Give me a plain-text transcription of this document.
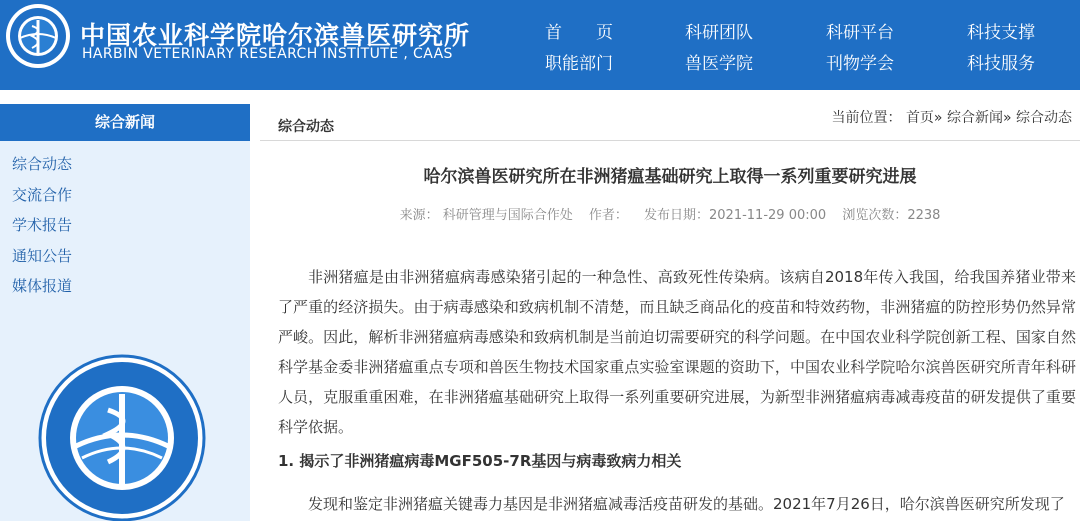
中国农业科学院哈尔滨兽医研究所
HARBIN VETERINARY RESEARCH INSTITUTE , CAAS
首　　页	科研团队	科研平台	科技支撑
职能部门	兽医学院	刊物学会	科技服务
综合新闻
综合动态
交流合作
学术报告
通知公告
媒体报道
综合动态
当前位置： 首页» 综合新闻» 综合动态
哈尔滨兽医研究所在非洲猪瘟基础研究上取得一系列重要研究进展
来源： 科研管理与国际合作处 作者： 发布日期：2021-11-29 00:00 浏览次数：2238

非洲猪瘟是由非洲猪瘟病毒感染猪引起的一种急性、高致死性传染病。该病自2018年传入我国，给我国养猪业带来了严重的经济损失。由于病毒感染和致病机制不清楚，而且缺乏商品化的疫苗和特效药物，非洲猪瘟的防控形势仍然异常严峻。因此，解析非洲猪瘟病毒感染和致病机制是当前迫切需要研究的科学问题。在中国农业科学院创新工程、国家自然科学基金委非洲猪瘟重点专项和兽医生物技术国家重点实验室课题的资助下，中国农业科学院哈尔滨兽医研究所青年科研人员，克服重重困难，在非洲猪瘟基础研究上取得一系列重要研究进展，为新型非洲猪瘟病毒减毒疫苗的研发提供了重要科学依据。

1. 揭示了非洲猪瘟病毒MGF505-7R基因与病毒致病力相关

发现和鉴定非洲猪瘟关键毒力基因是非洲猪瘟减毒活疫苗研发的基础。2021年7月26日，哈尔滨兽医研究所发现了
